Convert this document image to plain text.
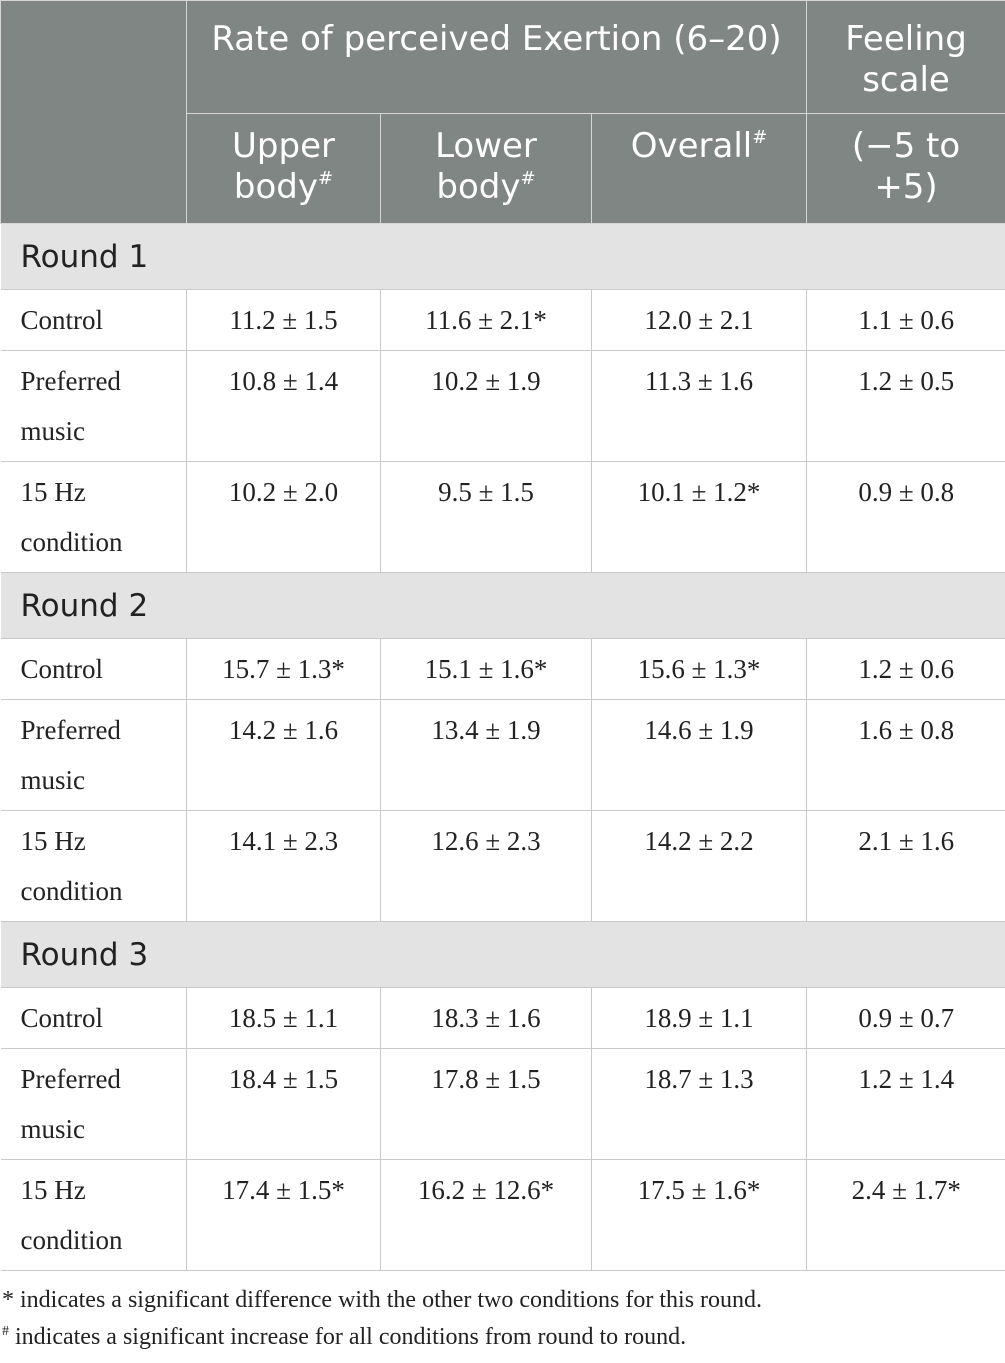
	Rate of perceived Exertion (6–20)			Feeling scale
	Upper body#	Lower body#	Overall#	(−5 to +5)
Round 1				
Control	11.2 ± 1.5	11.6 ± 2.1*	12.0 ± 2.1	1.1 ± 0.6
Preferred music	10.8 ± 1.4	10.2 ± 1.9	11.3 ± 1.6	1.2 ± 0.5
15 Hz condition	10.2 ± 2.0	9.5 ± 1.5	10.1 ± 1.2*	0.9 ± 0.8
Round 2				
Control	15.7 ± 1.3*	15.1 ± 1.6*	15.6 ± 1.3*	1.2 ± 0.6
Preferred music	14.2 ± 1.6	13.4 ± 1.9	14.6 ± 1.9	1.6 ± 0.8
15 Hz condition	14.1 ± 2.3	12.6 ± 2.3	14.2 ± 2.2	2.1 ± 1.6
Round 3				
Control	18.5 ± 1.1	18.3 ± 1.6	18.9 ± 1.1	0.9 ± 0.7
Preferred music	18.4 ± 1.5	17.8 ± 1.5	18.7 ± 1.3	1.2 ± 1.4
15 Hz condition	17.4 ± 1.5*	16.2 ± 12.6*	17.5 ± 1.6*	2.4 ± 1.7*
* indicates a significant difference with the other two conditions for this round.
# indicates a significant increase for all conditions from round to round.
